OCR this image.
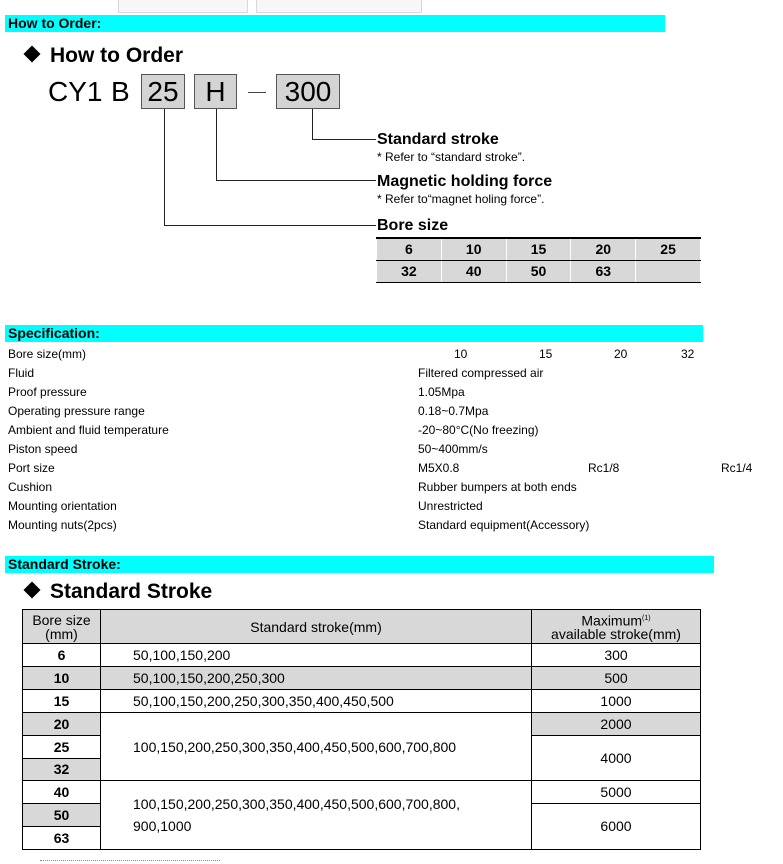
How to Order:
How to Order
CY1 B 25 H	300
Standard stroke
* Refer to “standard stroke”.
Magnetic holding force
* Refer to“magnet holing force”.
Bore size
6	10	15	20	25
32	40	50	63	
Specification:
Bore size(mm)	10	15	20	32
Fluid	Filtered compressed air
Proof pressure	1.05Mpa
Operating pressure range	0.18~0.7Mpa
Ambient and fluid temperature	-20~80°C(No freezing)
Piston speed	50~400mm/s
Port size	M5X0.8	Rc1/8	Rc1/4
Cushion	Rubber bumpers at both ends
Mounting orientation	Unrestricted
Mounting nuts(2pcs)	Standard equipment(Accessory)
Standard Stroke:
Standard Stroke
Bore size
(mm)	Standard stroke(mm)	Maximum$^{(1)}$
available stroke(mm)
6	50,100,150,200	300
10	50,100,150,200,250,300	500
15	50,100,150,200,250,300,350,400,450,500	1000
20	100,150,200,250,300,350,400,450,500,600,700,800	2000
25		4000
32		
40	100,150,200,250,300,350,400,450,500,600,700,800,
900,1000	5000
50		6000
63		
